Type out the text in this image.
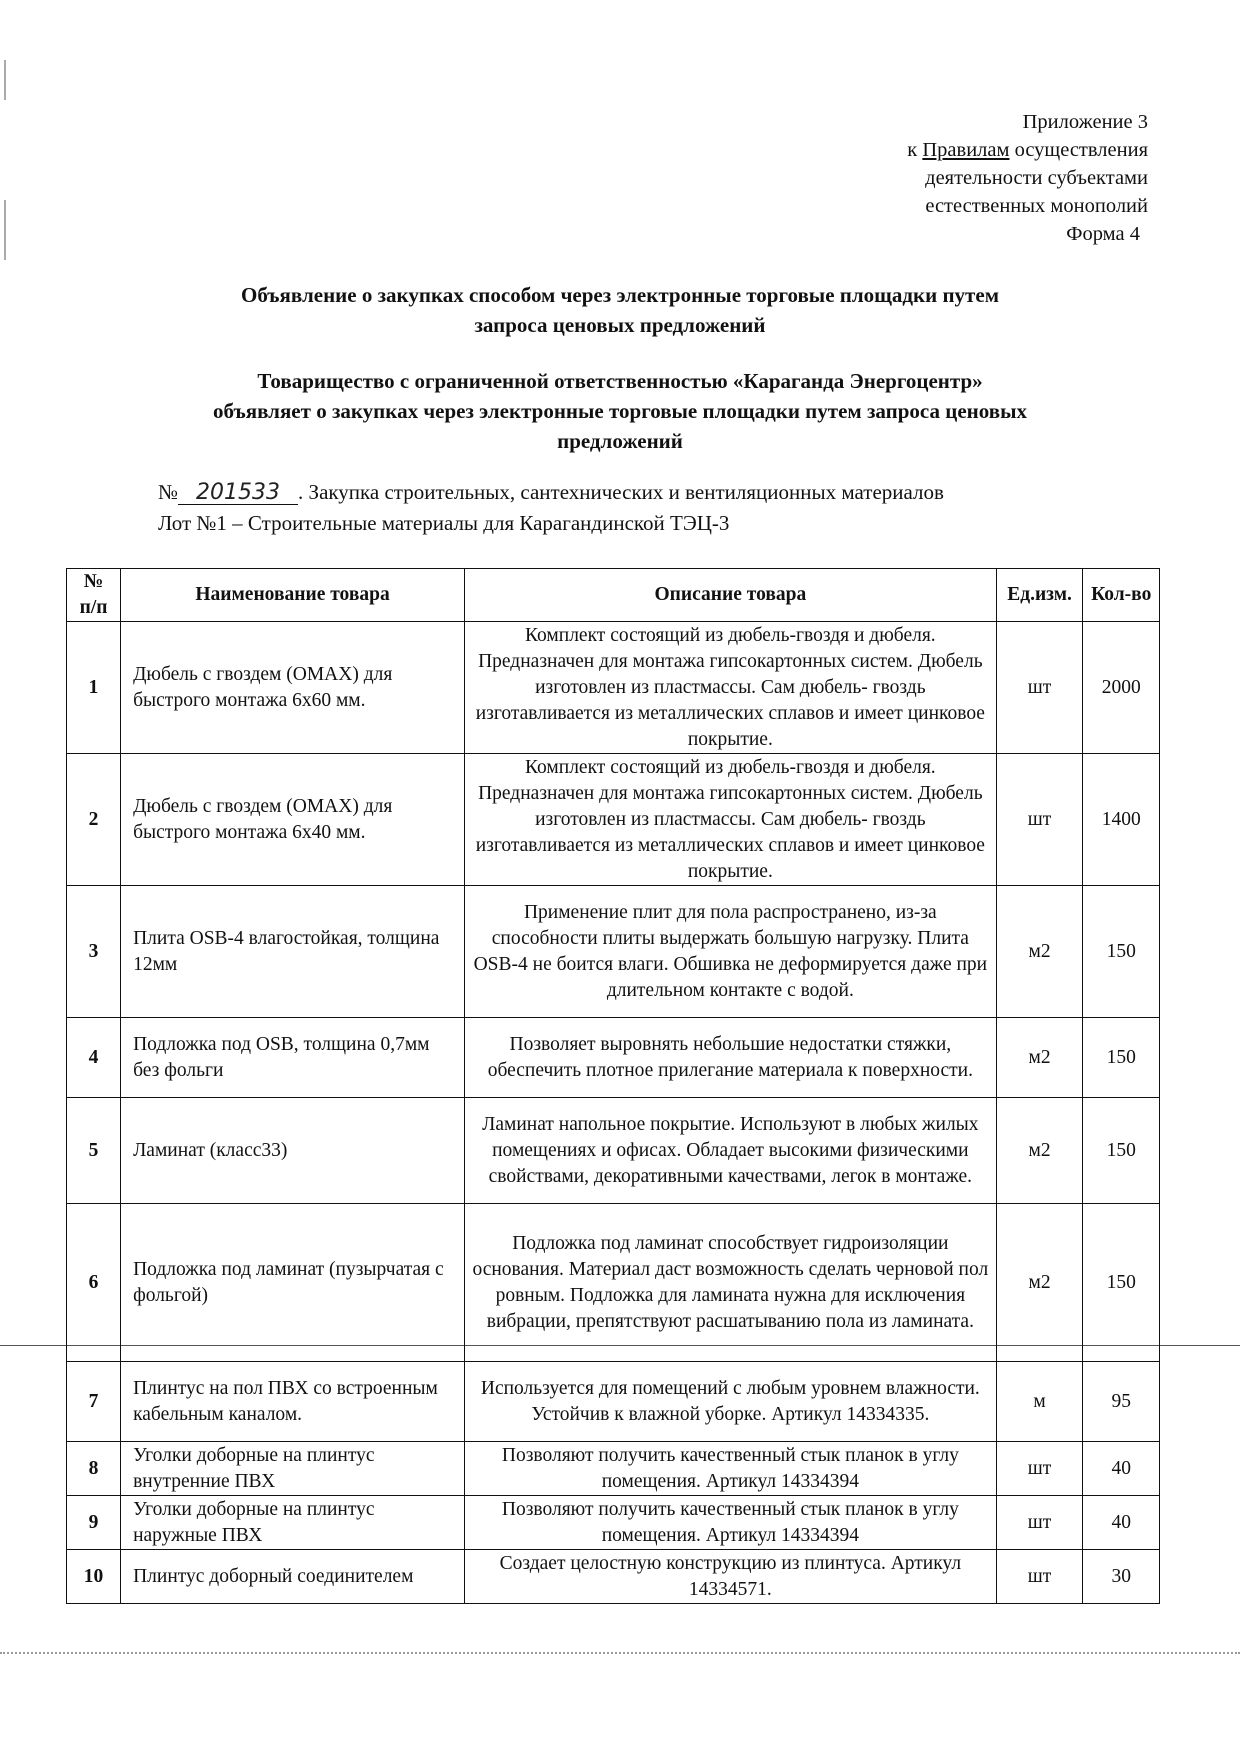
Приложение 3
к Правилам осуществления
деятельности субъектами
естественных монополий
Форма 4
Объявление о закупках способом через электронные торговые площадки путем
запроса ценовых предложений
Товарищество с ограниченной ответственностью «Караганда Энергоцентр»
объявляет о закупках через электронные торговые площадки путем запроса ценовых
предложений
№ 201533 . Закупка строительных, сантехнических и вентиляционных материалов
Лот №1 – Строительные материалы для Карагандинской ТЭЦ-3
№ п/п	Наименование товара	Описание товара	Ед.изм.	Кол-во
1	Дюбель с гвоздем (ОМАХ) для быстрого монтажа 6х60 мм.	Комплект состоящий из дюбель-гвоздя и дюбеля. Предназначен для монтажа гипсокартонных систем. Дюбель изготовлен из пластмассы. Сам дюбель- гвоздь изготавливается из металлических сплавов и имеет цинковое покрытие.	шт	2000
2	Дюбель с гвоздем (ОМАХ) для быстрого монтажа 6х40 мм.	Комплект состоящий из дюбель-гвоздя и дюбеля. Предназначен для монтажа гипсокартонных систем. Дюбель изготовлен из пластмассы. Сам дюбель- гвоздь изготавливается из металлических сплавов и имеет цинковое покрытие.	шт	1400
3	Плита OSB-4 влагостойкая, толщина 12мм	Применение плит для пола распространено, из-за способности плиты выдержать большую нагрузку. Плита OSB-4 не боится влаги. Обшивка не деформируется даже при длительном контакте с водой.	м2	150
4	Подложка под OSB, толщина 0,7мм без фольги	Позволяет выровнять небольшие недостатки стяжки, обеспечить плотное прилегание материала к поверхности.	м2	150
5	Ламинат (класс33)	Ламинат напольное покрытие. Используют в любых жилых помещениях и офисах. Обладает высокими физическими свойствами, декоративными качествами, легок в монтаже.	м2	150
6	Подложка под ламинат (пузырчатая с фольгой)	Подложка под ламинат способствует гидроизоляции основания. Материал даст возможность сделать черновой пол ровным. Подложка для ламината нужна для исключения вибрации, препятствуют расшатыванию пола из ламината.	м2	150
7	Плинтус на пол ПВХ со встроенным кабельным каналом.	Используется для помещений с любым уровнем влажности. Устойчив к влажной уборке. Артикул 14334335.	м	95
8	Уголки доборные на плинтус внутренние ПВХ	Позволяют получить качественный стык планок в углу помещения. Артикул 14334394	шт	40
9	Уголки доборные на плинтус наружные ПВХ	Позволяют получить качественный стык планок в углу помещения. Артикул 14334394	шт	40
10	Плинтус доборный соединителем	Создает целостную конструкцию из плинтуса. Артикул 14334571.	шт	30
